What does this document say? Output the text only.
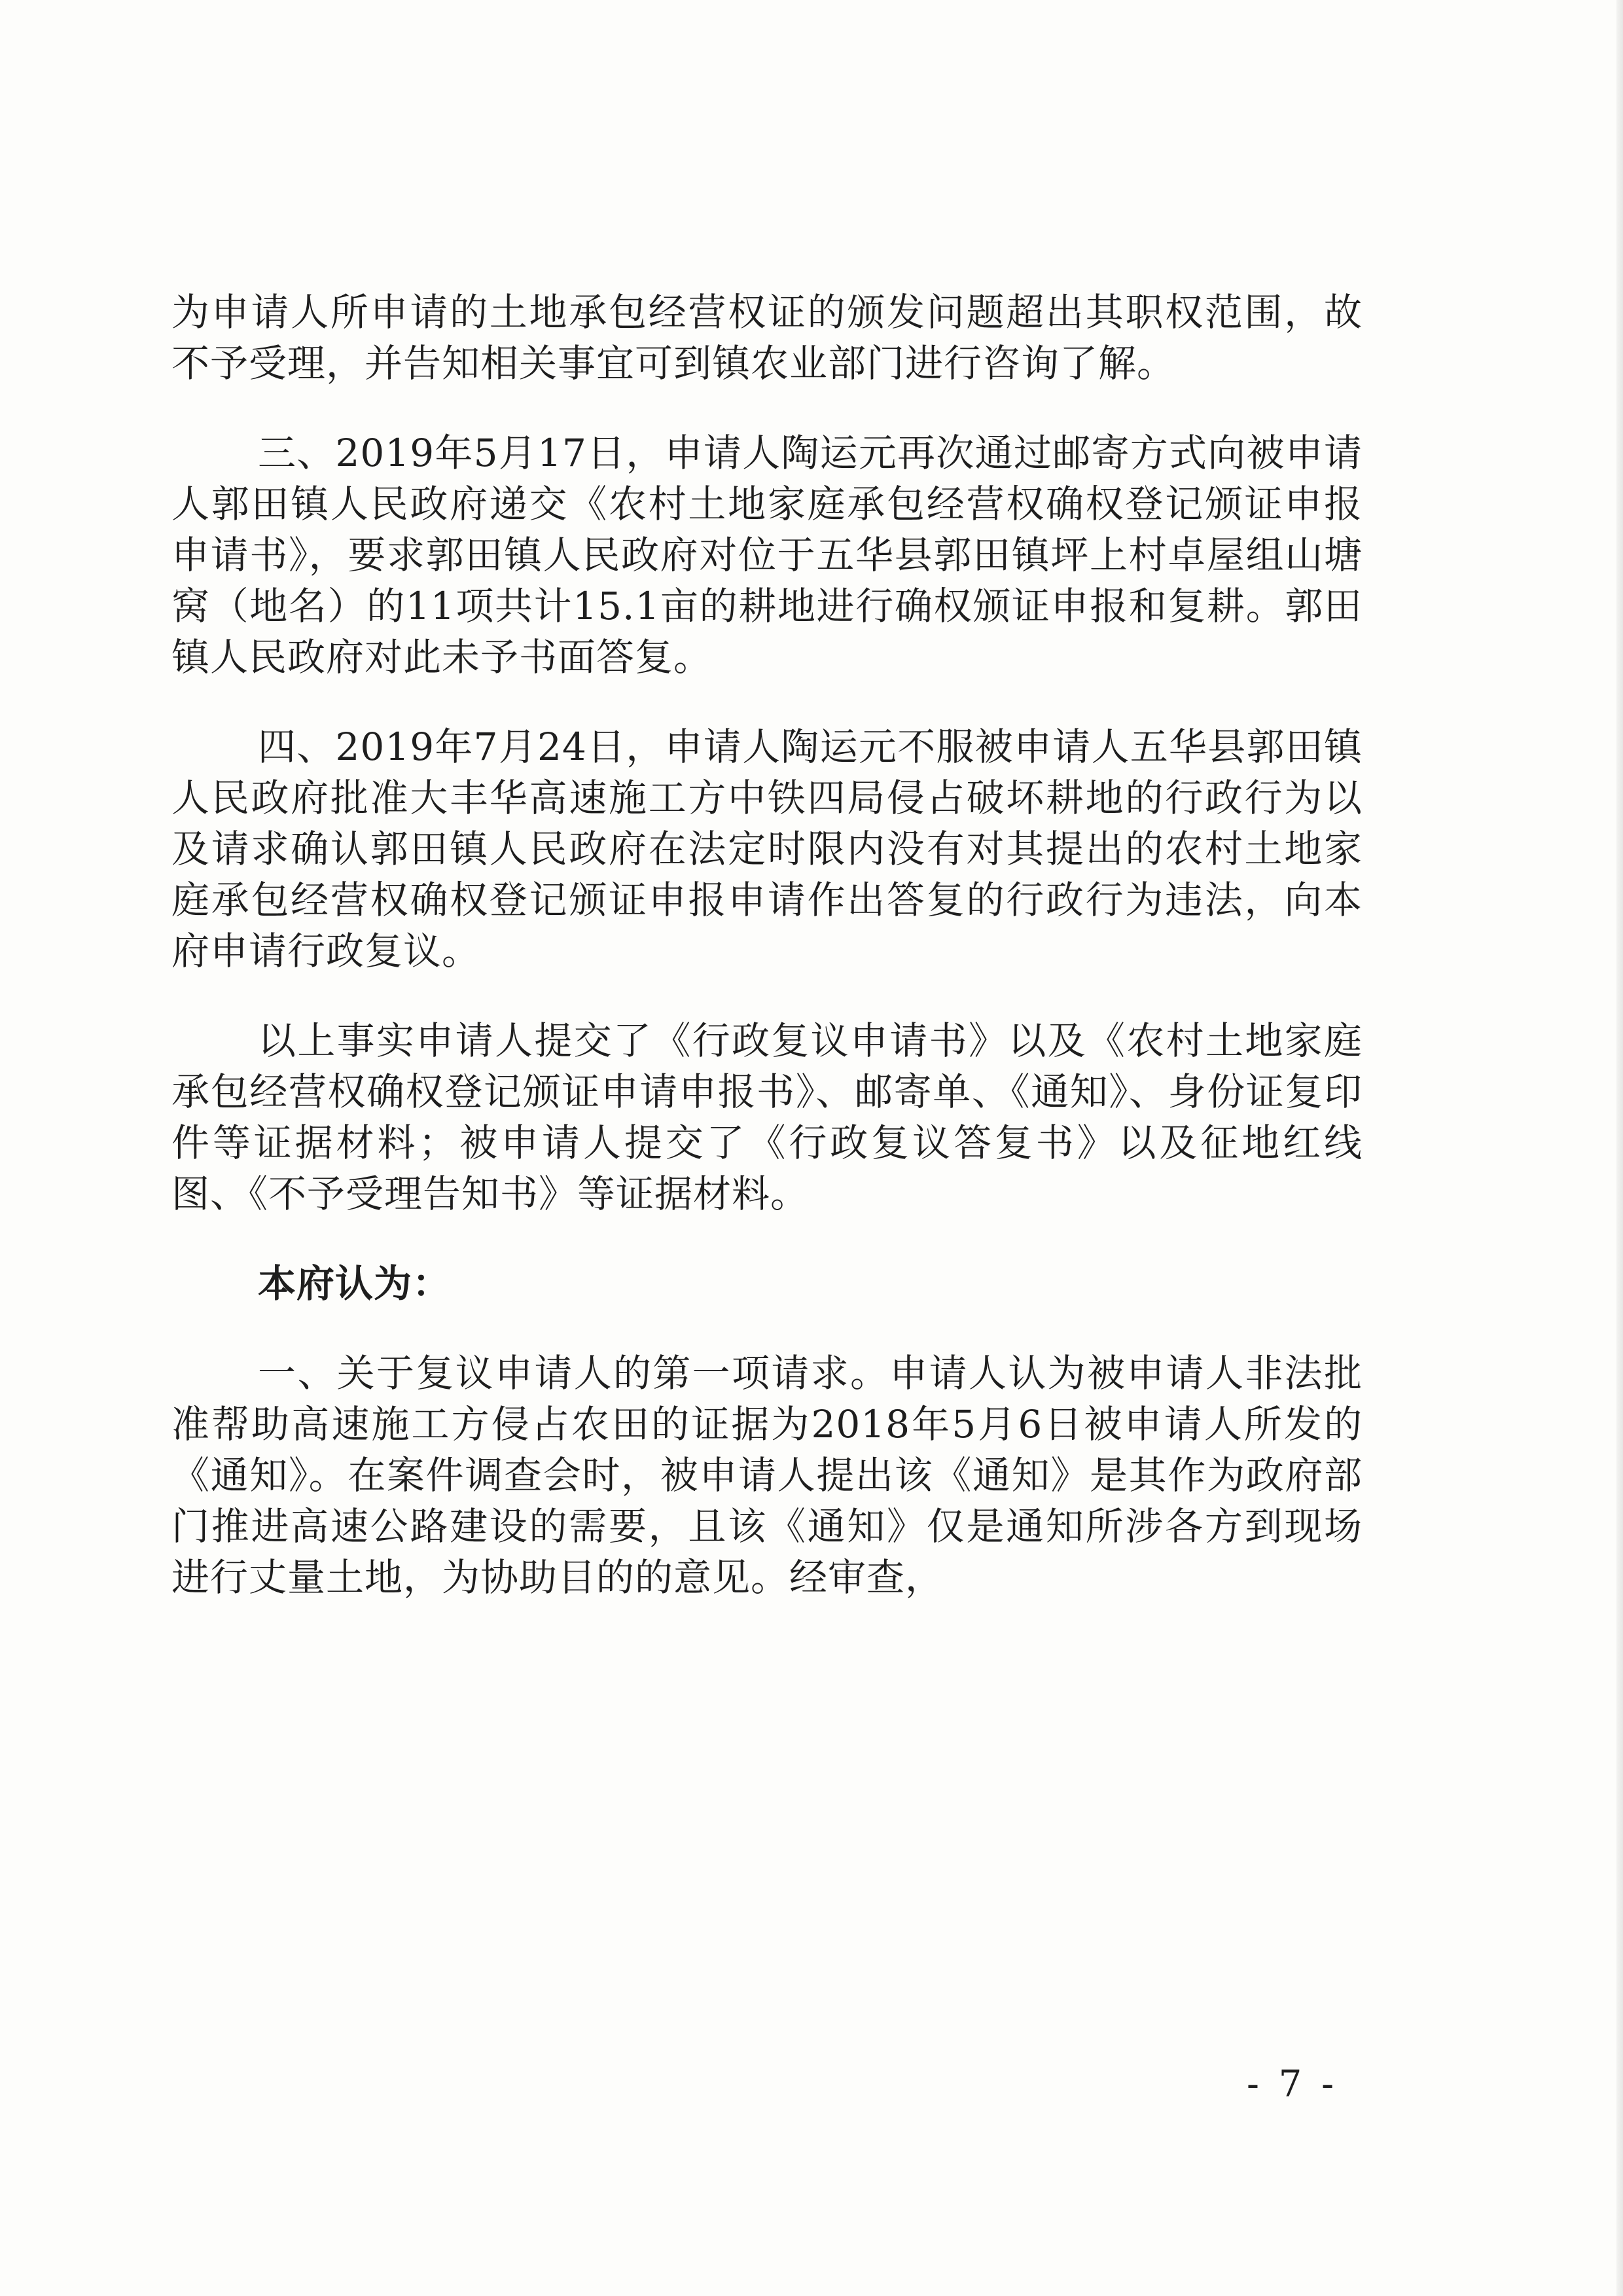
为申请人所申请的土地承包经营权证的颁发问题超出其职权范围，故不予受理，并告知相关事宜可到镇农业部门进行咨询了解。

三、2019年5月17日，申请人陶运元再次通过邮寄方式向被申请人郭田镇人民政府递交《农村土地家庭承包经营权确权登记颁证申报申请书》，要求郭田镇人民政府对位于五华县郭田镇坪上村卓屋组山塘窝（地名）的11项共计15.1亩的耕地进行确权颁证申报和复耕。郭田镇人民政府对此未予书面答复。

四、2019年7月24日，申请人陶运元不服被申请人五华县郭田镇人民政府批准大丰华高速施工方中铁四局侵占破坏耕地的行政行为以及请求确认郭田镇人民政府在法定时限内没有对其提出的农村土地家庭承包经营权确权登记颁证申报申请作出答复的行政行为违法，向本府申请行政复议。

以上事实申请人提交了《行政复议申请书》以及《农村土地家庭承包经营权确权登记颁证申请申报书》、邮寄单、《通知》、身份证复印件等证据材料；被申请人提交了《行政复议答复书》以及征地红线图、《不予受理告知书》等证据材料。

本府认为：

一、关于复议申请人的第一项请求。申请人认为被申请人非法批准帮助高速施工方侵占农田的证据为2018年5月6日被申请人所发的《通知》。在案件调查会时，被申请人提出该《通知》是其作为政府部门推进高速公路建设的需要，且该《通知》仅是通知所涉各方到现场进行丈量土地，为协助目的的意见。经审查，

- 7 -
